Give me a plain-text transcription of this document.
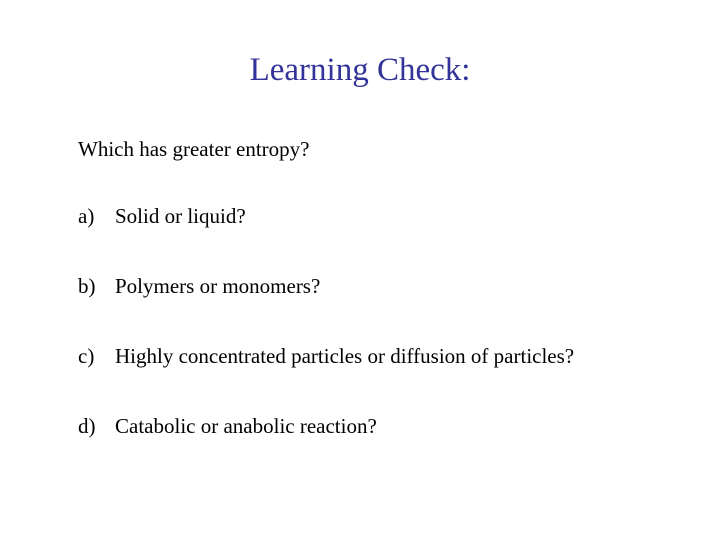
Learning Check:
Which has greater entropy?
a) Solid or liquid?
b) Polymers or monomers?
c) Highly concentrated particles or diffusion of particles?
d) Catabolic or anabolic reaction?
